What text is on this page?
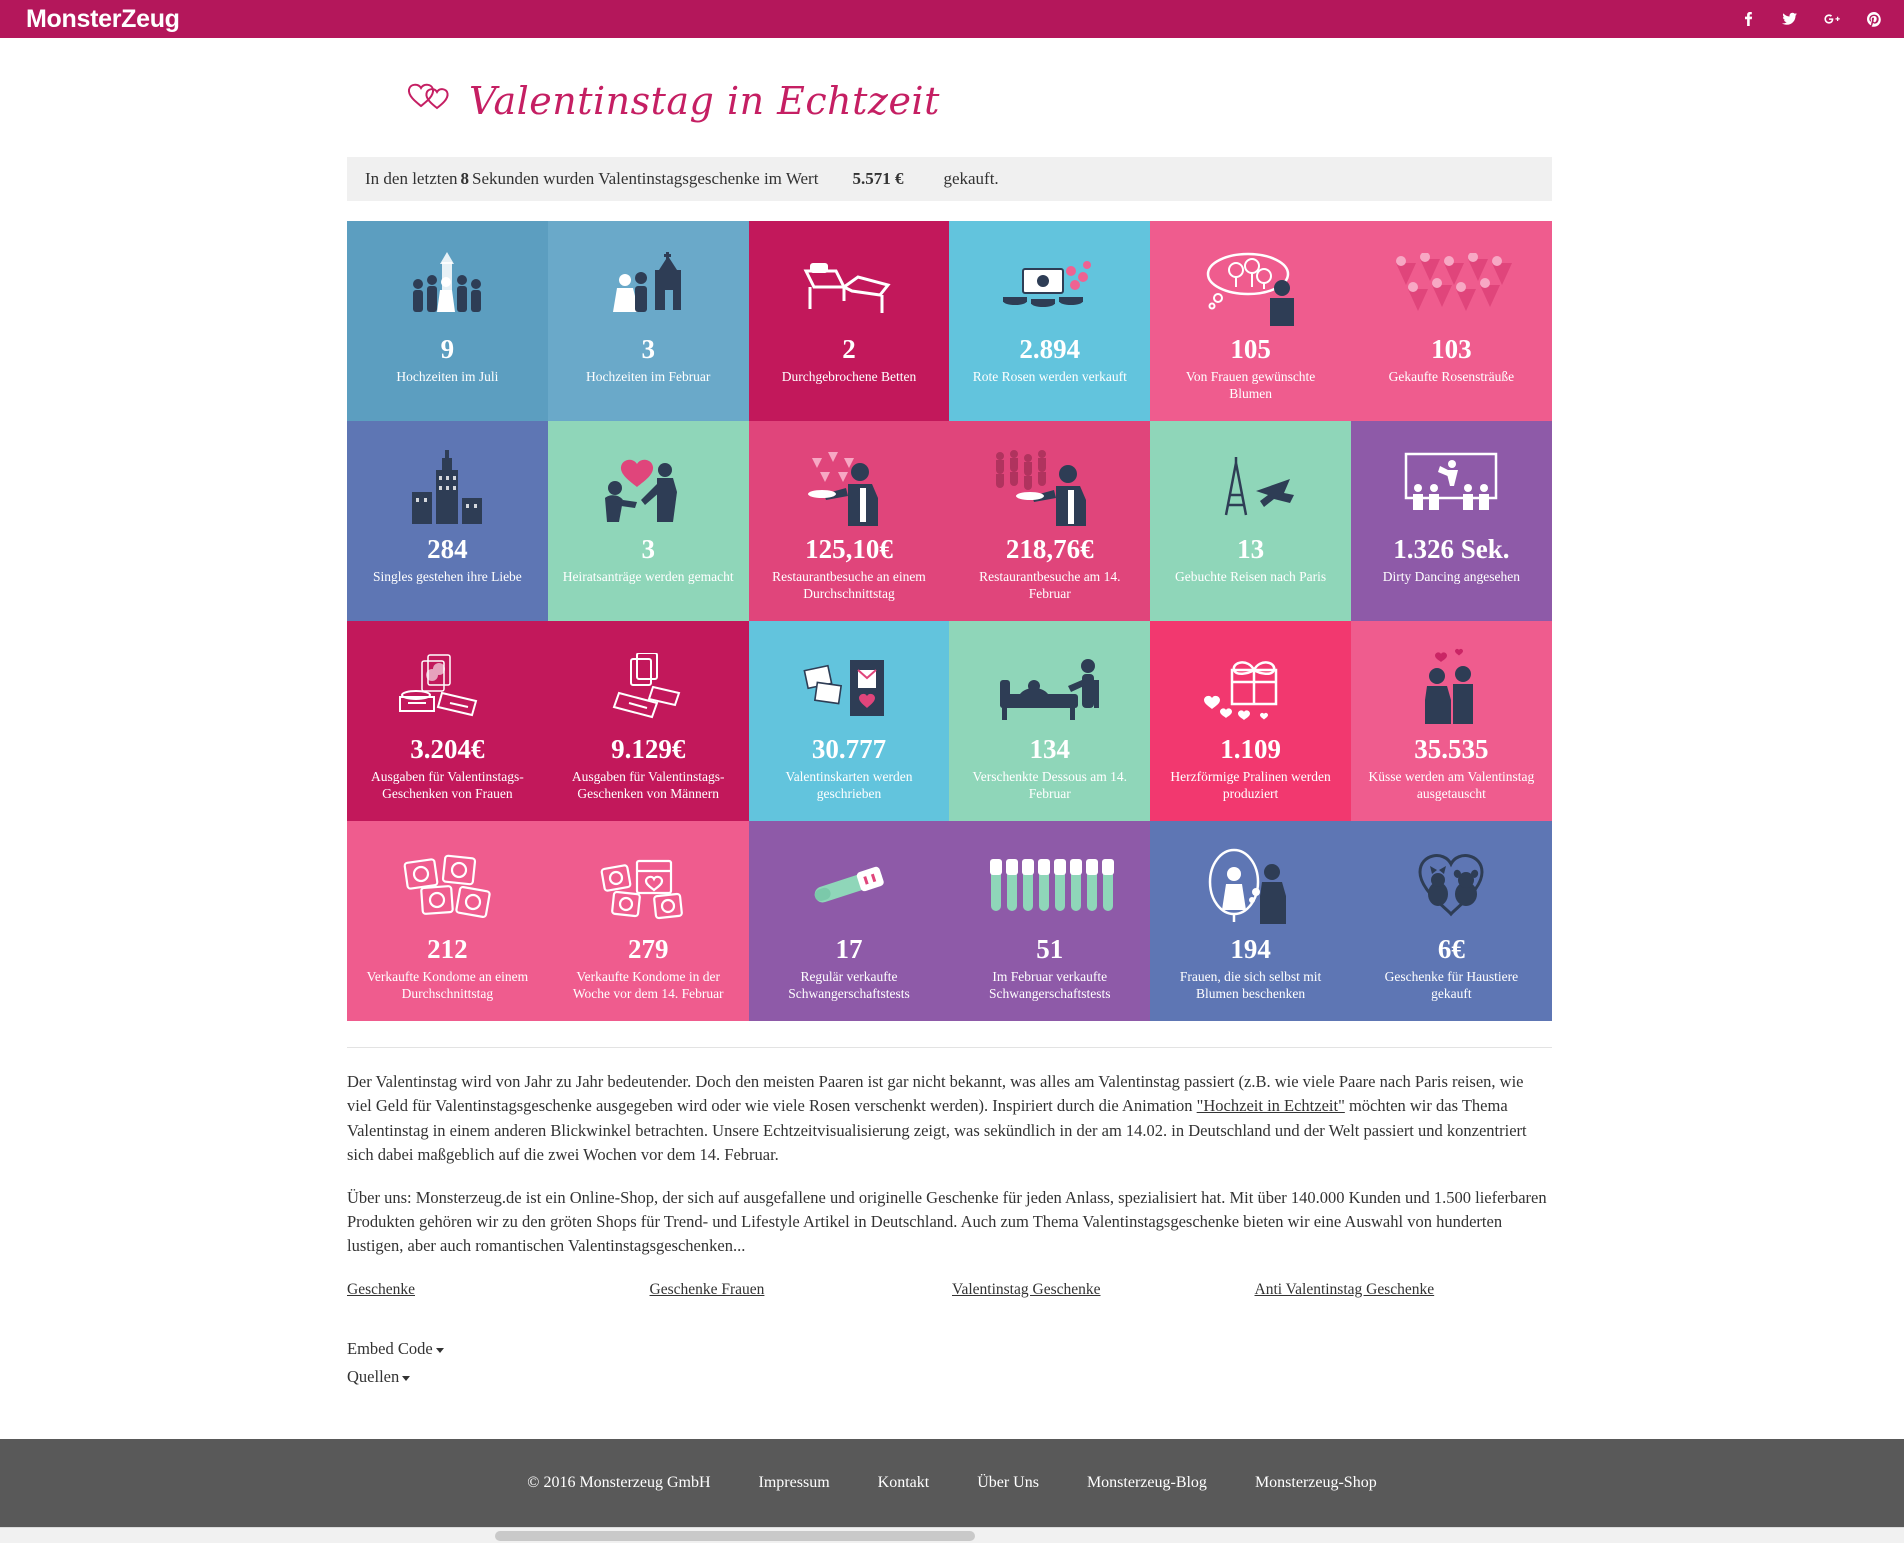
MonsterZeug
Valentinstag in Echtzeit
In den letzten 8 Sekunden wurden Valentinstagsgeschenke im Wert 5.571 € gekauft.
9
Hochzeiten im Juli
3
Hochzeiten im Februar
2
Durchgebrochene Betten
2.894
Rote Rosen werden verkauft
105
Von Frauen gewünschte Blumen
103
Gekaufte Rosensträuße
284
Singles gestehen ihre Liebe
3
Heiratsanträge werden gemacht
125,10€
Restaurantbesuche an einem Durchschnittstag
218,76€
Restaurantbesuche am 14. Februar
13
Gebuchte Reisen nach Paris
1.326 Sek.
Dirty Dancing angesehen
3.204€
Ausgaben für Valentinstags-Geschenken von Frauen
9.129€
Ausgaben für Valentinstags-Geschenken von Männern
30.777
Valentinskarten werden geschrieben
134
Verschenkte Dessous am 14. Februar
1.109
Herzförmige Pralinen werden produziert
35.535
Küsse werden am Valentinstag ausgetauscht
212
Verkaufte Kondome an einem Durchschnittstag
279
Verkaufte Kondome in der Woche vor dem 14. Februar
17
Regulär verkaufte Schwangerschaftstests
51
Im Februar verkaufte Schwangerschaftstests
194
Frauen, die sich selbst mit Blumen beschenken
6€
Geschenke für Haustiere gekauft

Der Valentinstag wird von Jahr zu Jahr bedeutender. Doch den meisten Paaren ist gar nicht bekannt, was alles am Valentinstag passiert (z.B. wie viele Paare nach Paris reisen, wie viel Geld für Valentinstagsgeschenke ausgegeben wird oder wie viele Rosen verschenkt werden). Inspiriert durch die Animation "Hochzeit in Echtzeit" möchten wir das Thema Valentinstag in einem anderen Blickwinkel betrachten. Unsere Echtzeitvisualisierung zeigt, was sekündlich in der am 14.02. in Deutschland und der Welt passiert und konzentriert sich dabei maßgeblich auf die zwei Wochen vor dem 14. Februar.

Über uns: Monsterzeug.de ist ein Online-Shop, der sich auf ausgefallene und originelle Geschenke für jeden Anlass, spezialisiert hat. Mit über 140.000 Kunden und 1.500 lieferbaren Produkten gehören wir zu den gröten Shops für Trend- und Lifestyle Artikel in Deutschland. Auch zum Thema Valentinstagsgeschenke bieten wir eine Auswahl von hunderten lustigen, aber auch romantischen Valentinstagsgeschenken...

Geschenke	Geschenke Frauen	Valentinstag Geschenke	Anti Valentinstag Geschenke
Embed Code
Quellen
© 2016 Monsterzeug GmbH	Impressum	Kontakt	Über Uns	Monsterzeug-Blog	Monsterzeug-Shop
